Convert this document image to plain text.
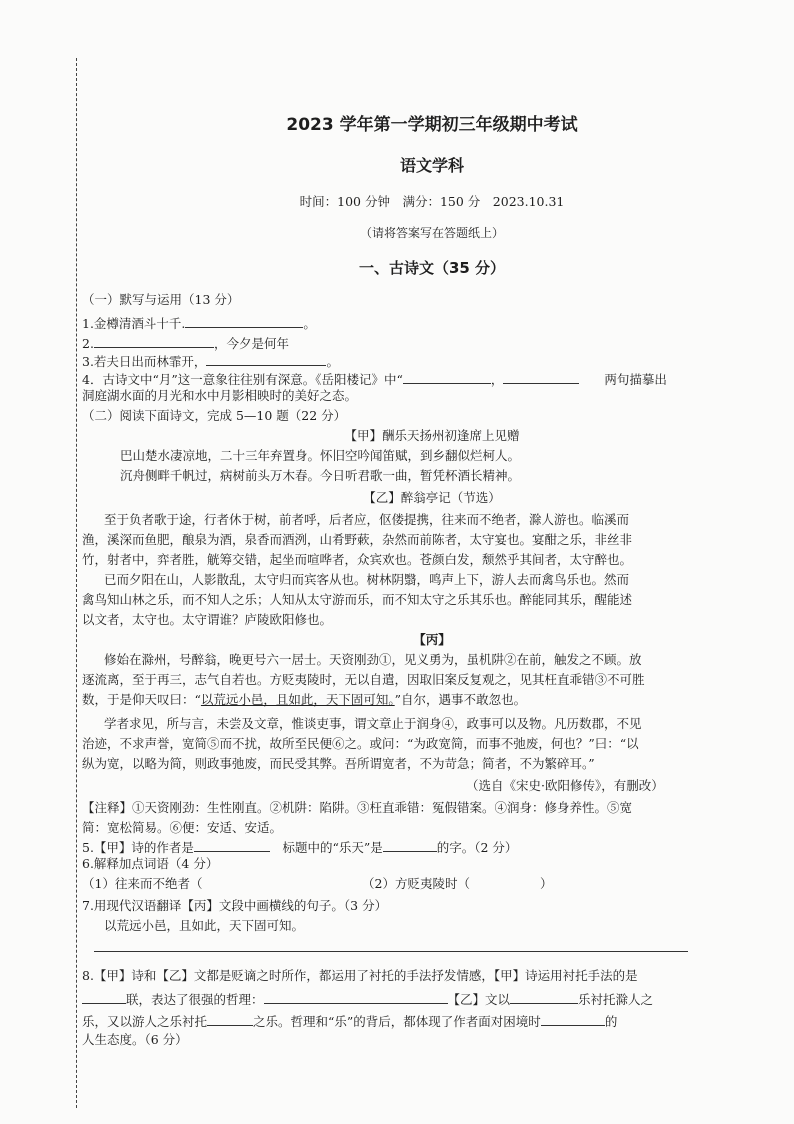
2023 学年第一学期初三年级期中考试
语文学科
时间：100 分钟　满分：150 分　2023.10.31
（请将答案写在答题纸上）
一、古诗文（35 分）
（一）默写与运用（13 分）
1.金樽清酒斗十千.	。
2.	，今夕是何年
3.若夫日出而林霏开，	。
4．古诗文中“月”这一意象往往别有深意。《岳阳楼记》中“	，　　	两句描摹出
洞庭湖水面的月光和水中月影相映时的美好之态。
（二）阅读下面诗文，完成 5—10 题（22 分）
【甲】酬乐天扬州初逢席上见赠
巴山楚水凄凉地，二十三年弃置身。怀旧空吟闻笛赋，到乡翻似烂柯人。
沉舟侧畔千帆过，病树前头万木春。今日听君歌一曲，暂凭杯酒长精神。
【乙】醉翁亭记（节选）
至于负者歌于途，行者休于树，前者呼，后者应，伛偻提携，往来而不绝者，滁人游也。临溪而
渔，溪深而鱼肥，酿泉为酒，泉香而酒洌，山肴野蔌，杂然而前陈者，太守宴也。宴酣之乐，非丝非
竹，射者中，弈者胜，觥筹交错，起坐而喧哗者，众宾欢也。苍颜白发，颓然乎其间者，太守醉也。
已而夕阳在山，人影散乱，太守归而宾客从也。树林阴翳，鸣声上下，游人去而禽鸟乐也。然而
禽鸟知山林之乐，而不知人之乐；人知从太守游而乐，而不知太守之乐其乐也。醉能同其乐，醒能述
以文者，太守也。太守谓谁？庐陵欧阳修也。
【丙】
修始在滁州，号醉翁，晚更号六一居士。天资刚劲①，见义勇为，虽机阱②在前，触发之不顾。放
逐流离，至于再三，志气自若也。方贬夷陵时，无以自遣，因取旧案反复观之，见其枉直乖错③不可胜
数，于是仰天叹曰：“以荒远小邑，且如此，天下固可知。”自尔，遇事不敢忽也。
学者求见，所与言，未尝及文章，惟谈吏事，谓文章止于润身④，政事可以及物。凡历数郡，不见
治迹，不求声誉，宽简⑤而不扰，故所至民便⑥之。或问：“为政宽简，而事不弛废，何也？”曰：“以
纵为宽，以略为简，则政事弛废，而民受其弊。吾所谓宽者，不为苛急；简者，不为繁碎耳。”
（选自《宋史·欧阳修传》，有删改）
【注释】①天资刚劲：生性刚直。②机阱：陷阱。③枉直乖错：冤假错案。④润身：修身养性。⑤宽
简：宽松简易。⑥便：安适、安适。
5.【甲】诗的作者是　	标题中的“乐天”是	的字。（2 分）
6.解释加点词语（4 分）
（1）往来而不绝者（	（2）方贬夷陵时（	）
7.用现代汉语翻译【丙】文段中画横线的句子。（3 分）
以荒远小邑，且如此，天下固可知。
8.【甲】诗和【乙】文都是贬谪之时所作，都运用了衬托的手法抒发情感，【甲】诗运用衬托手法的是
联，表达了很强的哲理：	【乙】文以	乐衬托滁人之
乐，又以游人之乐衬托	之乐。哲理和“乐”的背后，都体现了作者面对困境时	的
人生态度。（6 分）
